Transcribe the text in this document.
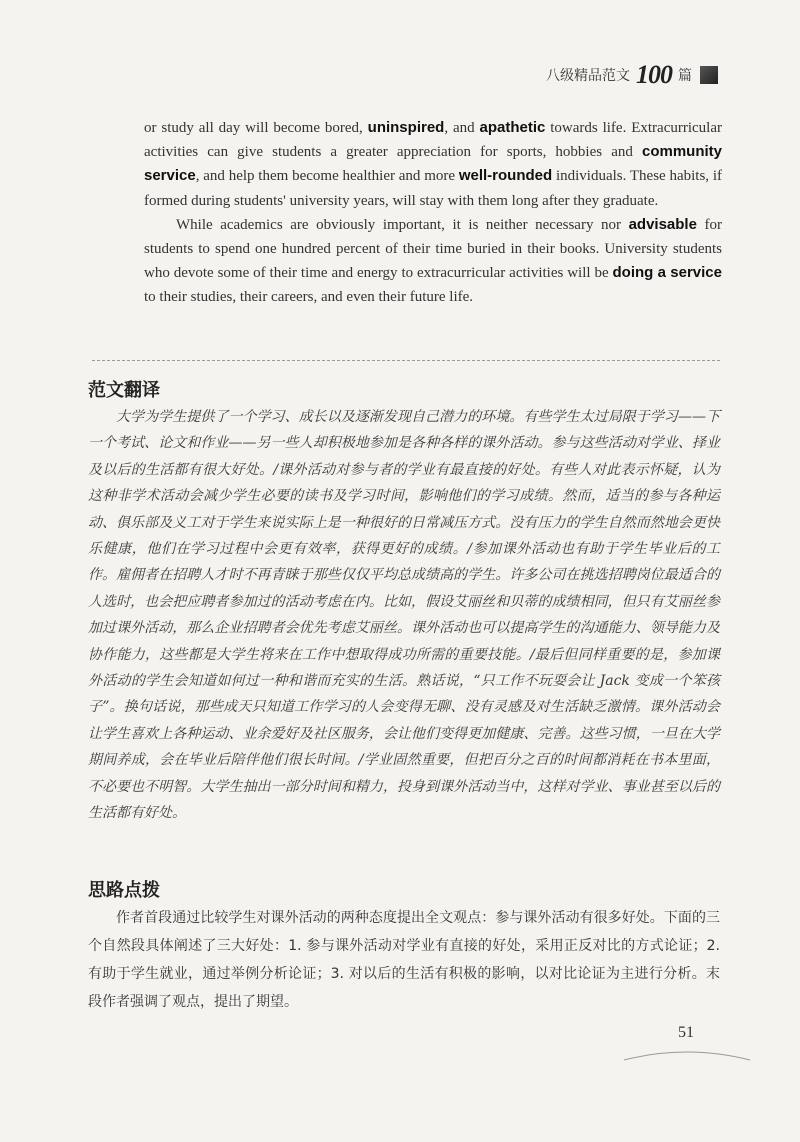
八级精品范文 100 篇

or study all day will become bored, uninspired, and apathetic towards life. Extracurricular activities can give students a greater appreciation for sports, hobbies and community service, and help them become healthier and more well-rounded individuals. These habits, if formed during students' university years, will stay with them long after they graduate.

While academics are obviously important, it is neither necessary nor advisable for students to spend one hundred percent of their time buried in their books. University students who devote some of their time and energy to extracurricular activities will be doing a service to their studies, their careers, and even their future life.

范文翻译

大学为学生提供了一个学习、成长以及逐渐发现自己潜力的环境。有些学生太过局限于学习——下一个考试、论文和作业——另一些人却积极地参加是各种各样的课外活动。参与这些活动对学业、择业及以后的生活都有很大好处。/课外活动对参与者的学业有最直接的好处。有些人对此表示怀疑，认为这种非学术活动会减少学生必要的读书及学习时间，影响他们的学习成绩。然而，适当的参与各种运动、俱乐部及义工对于学生来说实际上是一种很好的日常减压方式。没有压力的学生自然而然地会更快乐健康，他们在学习过程中会更有效率，获得更好的成绩。/参加课外活动也有助于学生毕业后的工作。雇佣者在招聘人才时不再青睐于那些仅仅平均总成绩高的学生。许多公司在挑选招聘岗位最适合的人选时，也会把应聘者参加过的活动考虑在内。比如，假设艾丽丝和贝蒂的成绩相同，但只有艾丽丝参加过课外活动，那么企业招聘者会优先考虑艾丽丝。课外活动也可以提高学生的沟通能力、领导能力及协作能力，这些都是大学生将来在工作中想取得成功所需的重要技能。/最后但同样重要的是，参加课外活动的学生会知道如何过一种和谐而充实的生活。熟话说，“只工作不玩耍会让 Jack 变成一个笨孩子”。换句话说，那些成天只知道工作学习的人会变得无聊、没有灵感及对生活缺乏激情。课外活动会让学生喜欢上各种运动、业余爱好及社区服务，会让他们变得更加健康、完善。这些习惯，一旦在大学期间养成，会在毕业后陪伴他们很长时间。/学业固然重要，但把百分之百的时间都消耗在书本里面，不必要也不明智。大学生抽出一部分时间和精力，投身到课外活动当中，这样对学业、事业甚至以后的生活都有好处。

思路点拨

作者首段通过比较学生对课外活动的两种态度提出全文观点：参与课外活动有很多好处。下面的三个自然段具体阐述了三大好处：1. 参与课外活动对学业有直接的好处，采用正反对比的方式论证；2. 有助于学生就业，通过举例分析论证；3. 对以后的生活有积极的影响，以对比论证为主进行分析。末段作者强调了观点，提出了期望。

51
